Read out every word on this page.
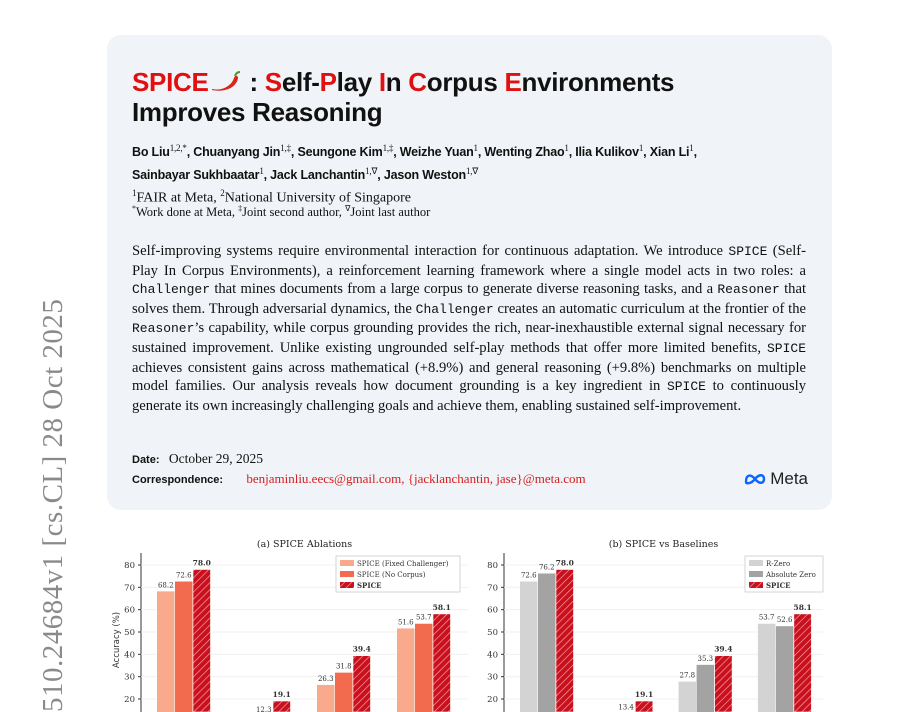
510.24684v1 [cs.CL] 28 Oct 2025
SPICE : Self-Play In Corpus Environments
Improves Reasoning
Bo Liu$^{1,2,*}$, Chuanyang Jin$^{1,\ddagger}$, Seungone Kim$^{1,\ddagger}$, Weizhe Yuan$^1$, Wenting Zhao$^1$, Ilia Kulikov$^1$, Xian Li$^1$,
Sainbayar Sukhbaatar$^1$, Jack Lanchantin$^{1,\nabla}$, Jason Weston$^{1,\nabla}$
$^1$FAIR at Meta, $^2$National University of Singapore
*Work done at Meta, ‡Joint second author, ∇Joint last author
Self-improving systems require environmental interaction for continuous adaptation. We introduce SPICE (Self-Play In Corpus Environments), a reinforcement learning framework where a single model acts in two roles: a Challenger that mines documents from a large corpus to generate diverse reasoning tasks, and a Reasoner that solves them. Through adversarial dynamics, the Challenger creates an automatic curriculum at the frontier of the Reasoner’s capability, while corpus grounding provides the rich, near-inexhaustible external signal necessary for sustained improvement. Unlike existing ungrounded self-play methods that offer more limited benefits, SPICE achieves consistent gains across mathematical (+8.9%) and general reasoning (+9.8%) benchmarks on multiple model families. Our analysis reveals how document grounding is a key ingredient in SPICE to continuously generate its own increasingly challenging goals and achieve them, enabling sustained self-improvement.
Date: October 29, 2025
Correspondence: benjaminliu.eecs@gmail.com, {jacklanchantin, jase}@meta.com	Meta
(a) SPICE Ablations
20
30
40
50
60
70
80
Accuracy (%)
68.2
26.3
51.6
72.6
12.3
31.8
53.7
78.0
19.1
39.4
58.1
SPICE (Fixed Challenger)
SPICE (No Corpus)
SPICE
(b) SPICE vs Baselines
20
30
40
50
60
70
80
72.6
27.8
53.7
76.2
13.4
35.3
52.6
78.0
19.1
39.4
58.1
R-Zero
Absolute Zero
SPICE
